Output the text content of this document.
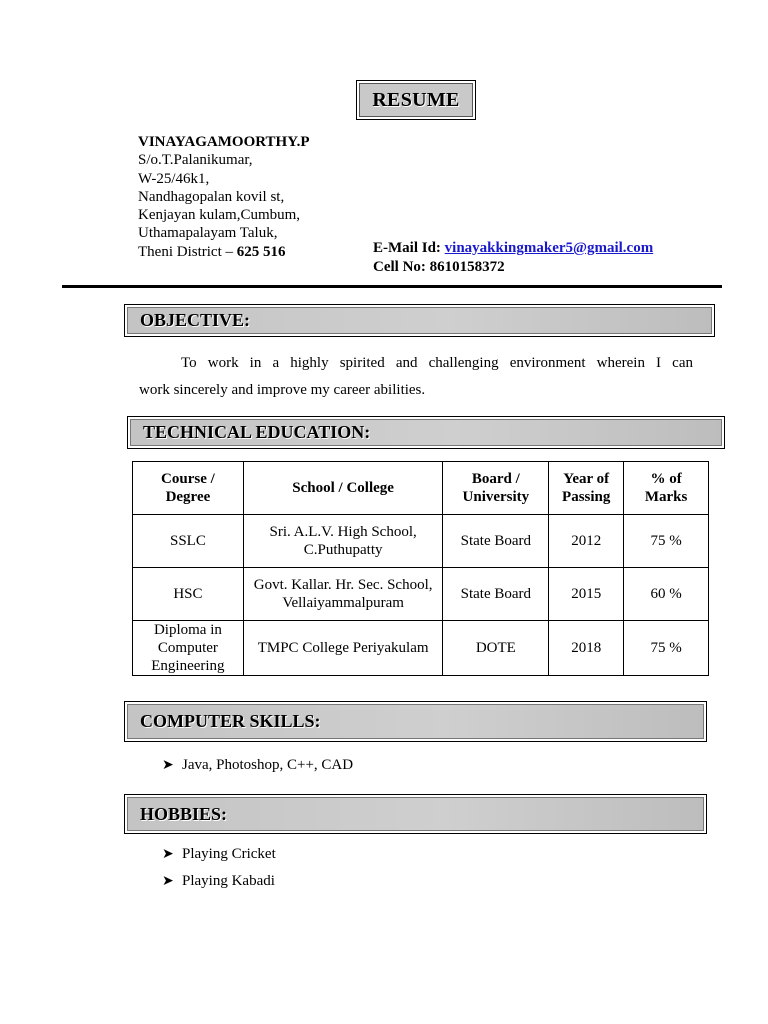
RESUME
VINAYAGAMOORTHY.P
S/o.T.Palanikumar,
W-25/46k1,
Nandhagopalan kovil st,
Kenjayan kulam,Cumbum,
Uthamapalayam Taluk,
Theni District – 625 516	E-Mail Id: vinayakkingmaker5@gmail.com
Cell No: 8610158372
OBJECTIVE:
To work in a highly spirited and challenging environment wherein I can
work sincerely and improve my career abilities.
TECHNICAL EDUCATION:
Course / Degree	School / College	Board / University	Year of Passing	% of Marks
SSLC	Sri. A.L.V. High School, C.Puthupatty	State Board	2012	75 %
HSC	Govt. Kallar. Hr. Sec. School, Vellaiyammalpuram	State Board	2015	60 %
Diploma in Computer Engineering	TMPC College Periyakulam	DOTE	2018	75 %
COMPUTER SKILLS:
➤ Java, Photoshop, C++, CAD
HOBBIES:
➤ Playing Cricket
➤ Playing Kabadi
